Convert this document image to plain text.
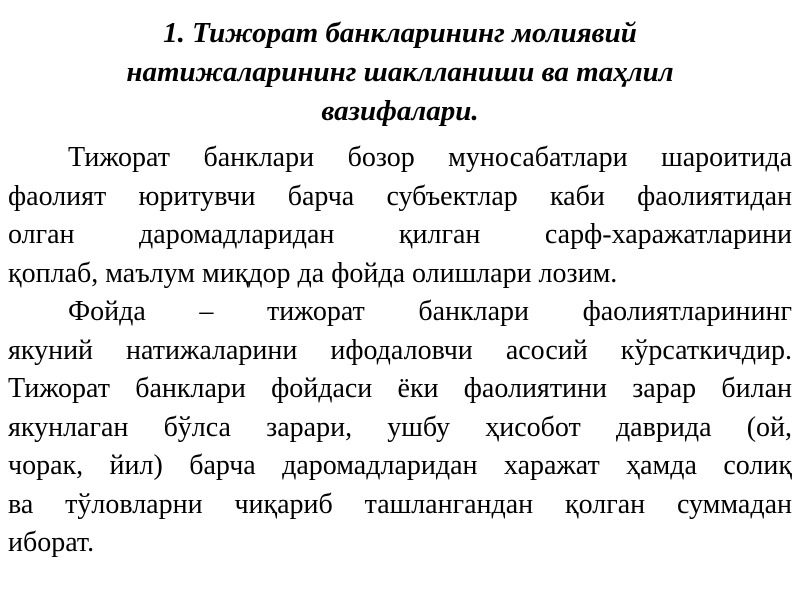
1. Тижорат банкларининг молиявий
натижаларининг шаклланиши ва таҳлил
вазифалари.

Тижорат банклари бозор муносабатлари шароитида
фаолият юритувчи барча субъектлар каби фаолиятидан
олган даромадларидан қилган сарф-харажатларини
қоплаб, маълум миқдор да фойда олишлари лозим.

Фойда – тижорат банклари фаолиятларининг
якуний натижаларини ифодаловчи асосий кўрсаткичдир.
Тижорат банклари фойдаси ёки фаолиятини зарар билан
якунлаган бўлса зарари, ушбу ҳисобот даврида (ой,
чорак, йил) барча даромадларидан харажат ҳамда солиқ
ва тўловларни чиқариб ташлангандан қолган суммадан
иборат.
